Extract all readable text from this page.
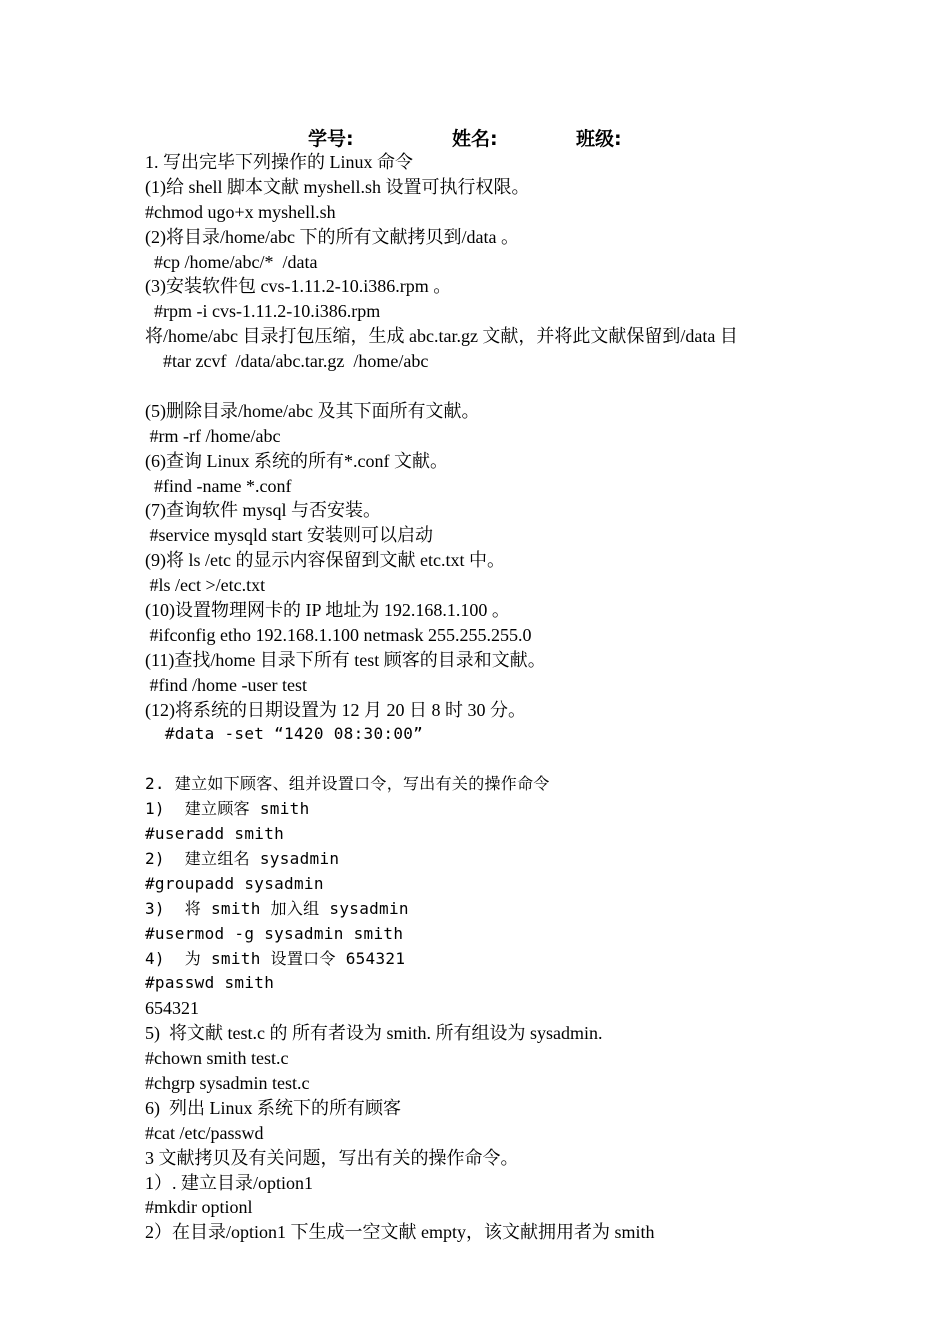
学号:	姓名:	班级:
1. 写出完毕下列操作的 Linux 命令
(1)给 shell 脚本文献 myshell.sh 设置可执行权限。
#chmod ugo+x myshell.sh
(2)将目录/home/abc 下的所有文献拷贝到/data 。
#cp /home/abc/*  /data
(3)安装软件包 cvs-1.11.2-10.i386.rpm 。
#rpm -i cvs-1.11.2-10.i386.rpm
将/home/abc 目录打包压缩，生成 abc.tar.gz 文献，并将此文献保留到/data 目
#tar zcvf  /data/abc.tar.gz  /home/abc
(5)删除目录/home/abc 及其下面所有文献。
#rm -rf /home/abc
(6)查询 Linux 系统的所有*.conf 文献。
#find -name *.conf
(7)查询软件 mysql 与否安装。
#service mysqld start 安装则可以启动
(9)将 ls /etc 的显示内容保留到文献 etc.txt 中。
#ls /ect >/etc.txt
(10)设置物理网卡的 IP 地址为 192.168.1.100 。
#ifconfig etho 192.168.1.100 netmask 255.255.255.0
(11)查找/home 目录下所有 test 顾客的目录和文献。
#find /home -user test
(12)将系统的日期设置为 12 月 20 日 8 时 30 分。
#data -set “1420 08:30:00”
2. 建立如下顾客、组并设置口令，写出有关的操作命令
1)  建立顾客 smith
#useradd smith
2)  建立组名 sysadmin
#groupadd sysadmin
3)  将 smith 加入组 sysadmin
#usermod -g sysadmin smith
4)  为 smith 设置口令 654321
#passwd smith
654321
5)  将文献 test.c 的 所有者设为 smith. 所有组设为 sysadmin.
#chown smith test.c
#chgrp sysadmin test.c
6)  列出 Linux 系统下的所有顾客
#cat /etc/passwd
3 文献拷贝及有关问题，写出有关的操作命令。
1）. 建立目录/option1
#mkdir optionl
2）在目录/option1 下生成一空文献 empty，该文献拥用者为 smith
